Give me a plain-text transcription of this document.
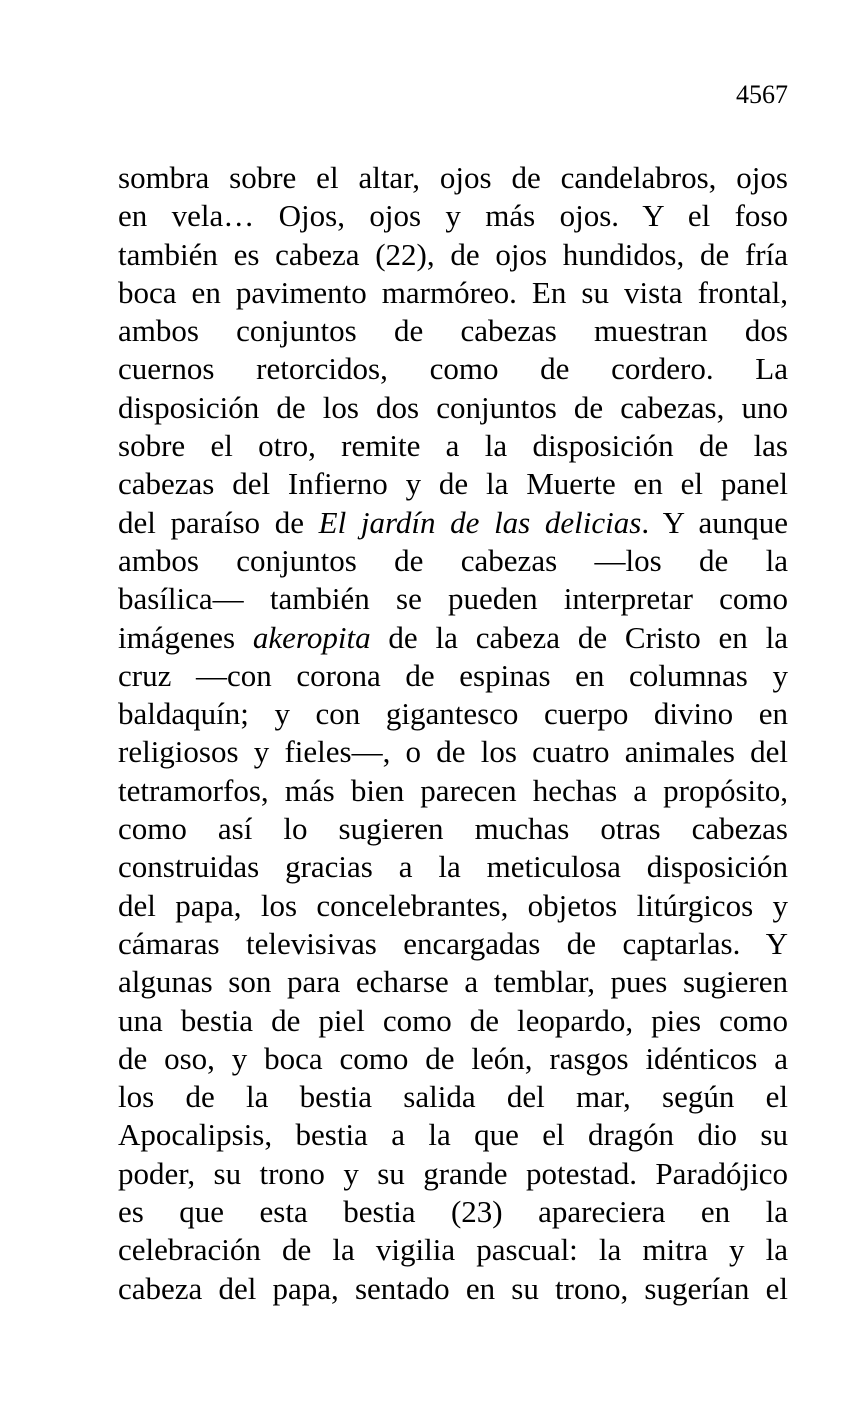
4567
sombra sobre el altar, ojos de candelabros, ojos
en vela… Ojos, ojos y más ojos. Y el foso
también es cabeza (22), de ojos hundidos, de fría
boca en pavimento marmóreo. En su vista frontal,
ambos conjuntos de cabezas muestran dos
cuernos retorcidos, como de cordero. La
disposición de los dos conjuntos de cabezas, uno
sobre el otro, remite a la disposición de las
cabezas del Infierno y de la Muerte en el panel
del paraíso de El jardín de las delicias. Y aunque
ambos conjuntos de cabezas —los de la
basílica— también se pueden interpretar como
imágenes akeropita de la cabeza de Cristo en la
cruz —con corona de espinas en columnas y
baldaquín; y con gigantesco cuerpo divino en
religiosos y fieles—, o de los cuatro animales del
tetramorfos, más bien parecen hechas a propósito,
como así lo sugieren muchas otras cabezas
construidas gracias a la meticulosa disposición
del papa, los concelebrantes, objetos litúrgicos y
cámaras televisivas encargadas de captarlas. Y
algunas son para echarse a temblar, pues sugieren
una bestia de piel como de leopardo, pies como
de oso, y boca como de león, rasgos idénticos a
los de la bestia salida del mar, según el
Apocalipsis, bestia a la que el dragón dio su
poder, su trono y su grande potestad. Paradójico
es que esta bestia (23) apareciera en la
celebración de la vigilia pascual: la mitra y la
cabeza del papa, sentado en su trono, sugerían el
